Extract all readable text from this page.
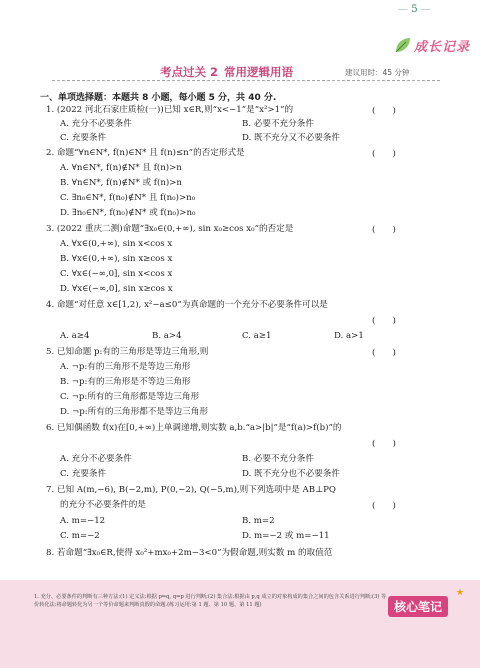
— 5 —
成长记录
考点过关 2 常用逻辑用语	建议用时：45 分钟
一、单项选择题：本题共 8 小题，每小题 5 分，共 40 分.
1. (2022 河北石家庄质检(一))已知 x∈R,则“x<−1”是“x²>1”的	(　　)
A. 充分不必要条件	B. 必要不充分条件
C. 充要条件	D. 既不充分又不必要条件
2. 命题“∀n∈N*, f(n)∈N* 且 f(n)≤n”的否定形式是	(　　)
A. ∀n∈N*, f(n)∉N* 且 f(n)>n
B. ∀n∈N*, f(n)∉N* 或 f(n)>n
C. ∃n₀∈N*, f(n₀)∉N* 且 f(n₀)>n₀
D. ∃n₀∈N*, f(n₀)∉N* 或 f(n₀)>n₀
3. (2022 重庆二测)命题“∃x₀∈(0,+∞), sin x₀≥cos x₀”的否定是	(　　)
A. ∀x∈(0,+∞), sin x<cos x
B. ∀x∈(0,+∞), sin x≥cos x
C. ∀x∈(−∞,0], sin x<cos x
D. ∀x∈(−∞,0], sin x≥cos x
4. 命题“对任意 x∈[1,2), x²−a≤0”为真命题的一个充分不必要条件可以是
(　　)
A. a≥4	B. a>4	C. a≥1	D. a>1
5. 已知命题 p:有的三角形是等边三角形,则	(　　)
A. ¬p:有的三角形不是等边三角形
B. ¬p:有的三角形是不等边三角形
C. ¬p:所有的三角形都是等边三角形
D. ¬p:所有的三角形都不是等边三角形
6. 已知偶函数 f(x)在[0,+∞)上单调递增,则实数 a,b.“a>|b|”是“f(a)>f(b)”的
(　　)
A. 充分不必要条件	B. 必要不充分条件
C. 充要条件	D. 既不充分也不必要条件
7. 已知 A(m,−6), B(−2,m), P(0,−2), Q(−5,m),则下列选项中是 AB⊥PQ
的充分不必要条件的是	(　　)
A. m=−12	B. m=2
C. m=−2	D. m=−2 或 m=−11
8. 若命题“∃x₀∈R,使得 x₀²+mx₀+2m−3<0”为假命题,则实数 m 的取值范
1. 充分、必要条件的判断有三种方法:(1) 定义法:根据 p⇒q, q⇒p 进行判断;(2) 集合法:根据由 p,q 成立的对象构成的集合之间的包含关系进行判断;(3) 等价转化法:将命题转化为另一个等价命题来判断真假的命题.(练习运用:第 1 题、第 10 题、第 11 题)	核心笔记
★
